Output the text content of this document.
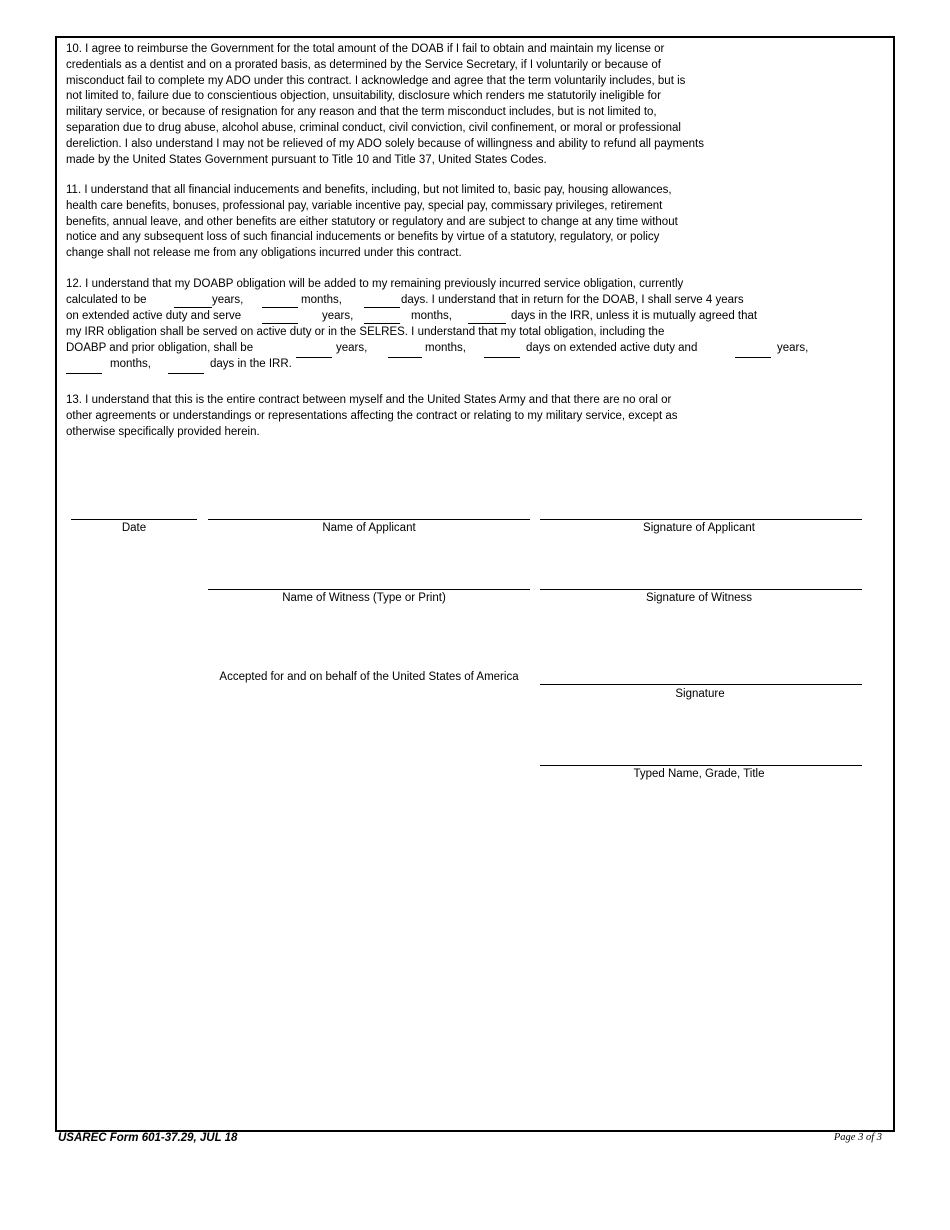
10. I agree to reimburse the Government for the total amount of the DOAB if I fail to obtain and maintain my license or
credentials as a dentist and on a prorated basis, as determined by the Service Secretary, if I voluntarily or because of
misconduct fail to complete my ADO under this contract. I acknowledge and agree that the term voluntarily includes, but is
not limited to, failure due to conscientious objection, unsuitability, disclosure which renders me statutorily ineligible for
military service, or because of resignation for any reason and that the term misconduct includes, but is not limited to,
separation due to drug abuse, alcohol abuse, criminal conduct, civil conviction, civil confinement, or moral or professional
dereliction. I also understand I may not be relieved of my ADO solely because of willingness and ability to refund all payments
made by the United States Government pursuant to Title 10 and Title 37, United States Codes.
11. I understand that all financial inducements and benefits, including, but not limited to, basic pay, housing allowances,
health care benefits, bonuses, professional pay, variable incentive pay, special pay, commissary privileges, retirement
benefits, annual leave, and other benefits are either statutory or regulatory and are subject to change at any time without
notice and any subsequent loss of such financial inducements or benefits by virtue of a statutory, regulatory, or policy
change shall not release me from any obligations incurred under this contract.
12. I understand that my DOABP obligation will be added to my remaining previously incurred service obligation, currently
calculated to be	years,	months,	days. I understand that in return for the DOAB, I shall serve 4 years
on extended active duty and serve	years,	months,	days in the IRR, unless it is mutually agreed that
my IRR obligation shall be served on active duty or in the SELRES. I understand that my total obligation, including the
DOABP and prior obligation, shall be	years,	months,	days on extended active duty and	years,
months,	days in the IRR.
13. I understand that this is the entire contract between myself and the United States Army and that there are no oral or
other agreements or understandings or representations affecting the contract or relating to my military service, except as
otherwise specifically provided herein.
Date	Name of Applicant	Signature of Applicant
Name of Witness (Type or Print)	Signature of Witness
Accepted for and on behalf of the United States of America
Signature
Typed Name, Grade, Title
USAREC Form 601-37.29, JUL 18	Page 3 of 3
